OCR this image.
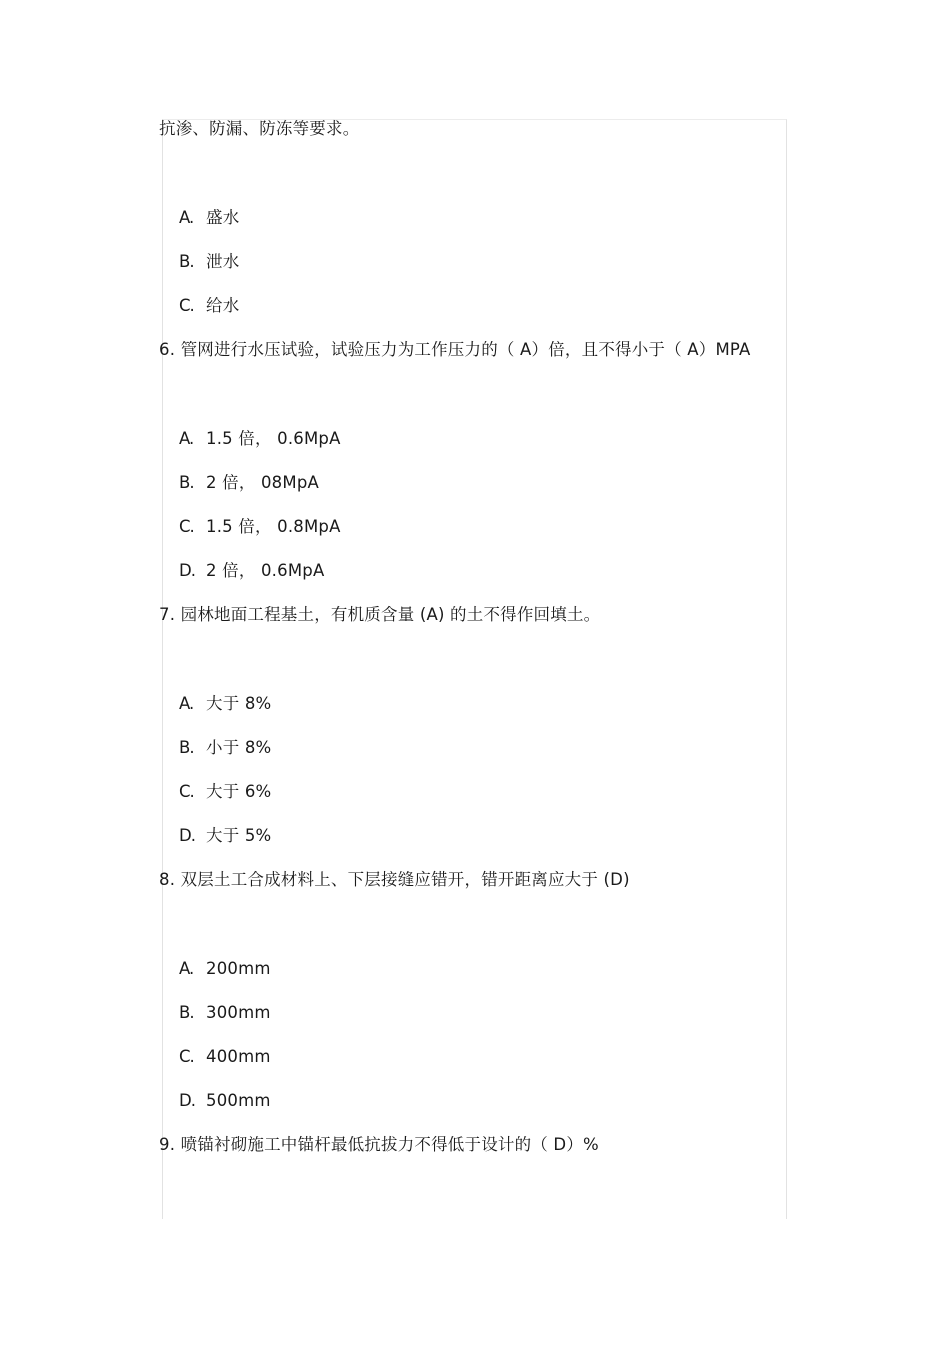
抗渗、防漏、防冻等要求。
A. 盛水
B. 泄水
C. 给水
6. 管网进行水压试验，试验压力为工作压力的（ A）倍，且不得小于（ A）MPA
A. 1.5 倍， 0.6MpA
B. 2 倍， 08MpA
C. 1.5 倍， 0.8MpA
D. 2 倍， 0.6MpA
7. 园林地面工程基土，有机质含量 (A) 的土不得作回填土。
A. 大于 8%
B. 小于 8%
C. 大于 6%
D. 大于 5%
8. 双层土工合成材料上、下层接缝应错开，错开距离应大于 (D)
A. 200mm
B. 300mm
C. 400mm
D. 500mm
9. 喷锚衬砌施工中锚杆最低抗拔力不得低于设计的（ D）%
